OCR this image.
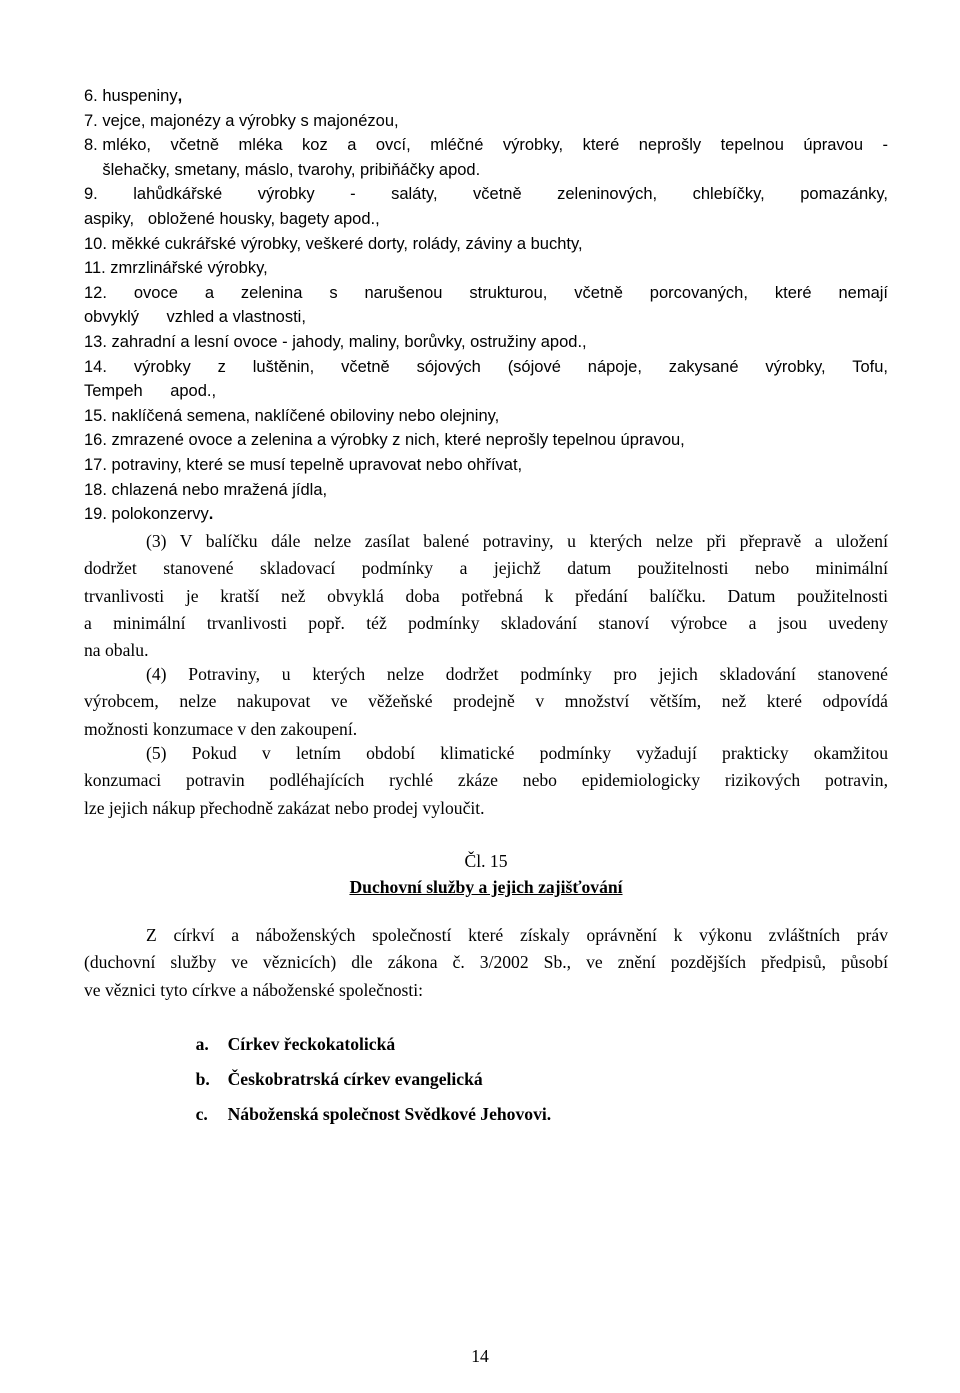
6. huspeniny ,
7. vejce, majonézy a výrobky s majonézou,
8. mléko, včetně mléka koz a ovcí, mléčné výrobky, které neprošly tepelnou úpravou -
šlehačky, smetany, máslo, tvarohy, pribiňáčky apod.
9. lahůdkářské výrobky - saláty, včetně zeleninových, chlebíčky, pomazánky,
aspiky,   obložené housky, bagety apod.,
10. měkké cukrářské výrobky, veškeré dorty, rolády, záviny a buchty,
11. zmrzlinářské výrobky,
12. ovoce a zelenina s narušenou strukturou, včetně porcovaných, které nemají
obvyklý      vzhled a vlastnosti,
13. zahradní a lesní ovoce - jahody, maliny, borůvky, ostružiny apod.,
14. výrobky z luštěnin, včetně sójových (sójové nápoje, zakysané výrobky, Tofu,
Tempeh      apod.,
15. naklíčená semena, naklíčené obiloviny nebo olejniny,
16. zmrazené ovoce a zelenina a výrobky z nich, které neprošly tepelnou úpravou,
17. potraviny, které se musí tepelně upravovat nebo ohřívat,
18. chlazená nebo mražená jídla,
19. polokonzervy .
(3) V balíčku dále nelze zasílat balené potraviny, u kterých nelze při přepravě a uložení
dodržet stanovené skladovací podmínky a jejichž datum použitelnosti nebo minimální
trvanlivosti je kratší než obvyklá doba potřebná k předání balíčku. Datum použitelnosti
a minimální trvanlivosti popř. též podmínky skladování stanoví výrobce a jsou uvedeny
na obalu.
(4) Potraviny, u kterých nelze dodržet podmínky pro jejich skladování stanovené
výrobcem, nelze nakupovat ve věžeňské prodejně v množství větším, než které odpovídá
možnosti konzumace v den zakoupení.
(5) Pokud v letním období klimatické podmínky vyžadují prakticky okamžitou
konzumaci potravin podléhajících rychlé zkáze nebo epidemiologicky rizikových potravin,
lze jejich nákup přechodně zakázat nebo prodej vyloučit.
Čl. 15
Duchovní služby a jejich zajišťování
Z církví a náboženských společností které získaly oprávnění k výkonu zvláštních práv
(duchovní služby ve věznicích) dle zákona č. 3/2002 Sb., ve znění pozdějších předpisů, působí
ve věznici tyto církve a náboženské společnosti:

a. Církev řeckokatolická

b. Českobratrská církev evangelická

c. Náboženská společnost Svědkové Jehovovi.

14
